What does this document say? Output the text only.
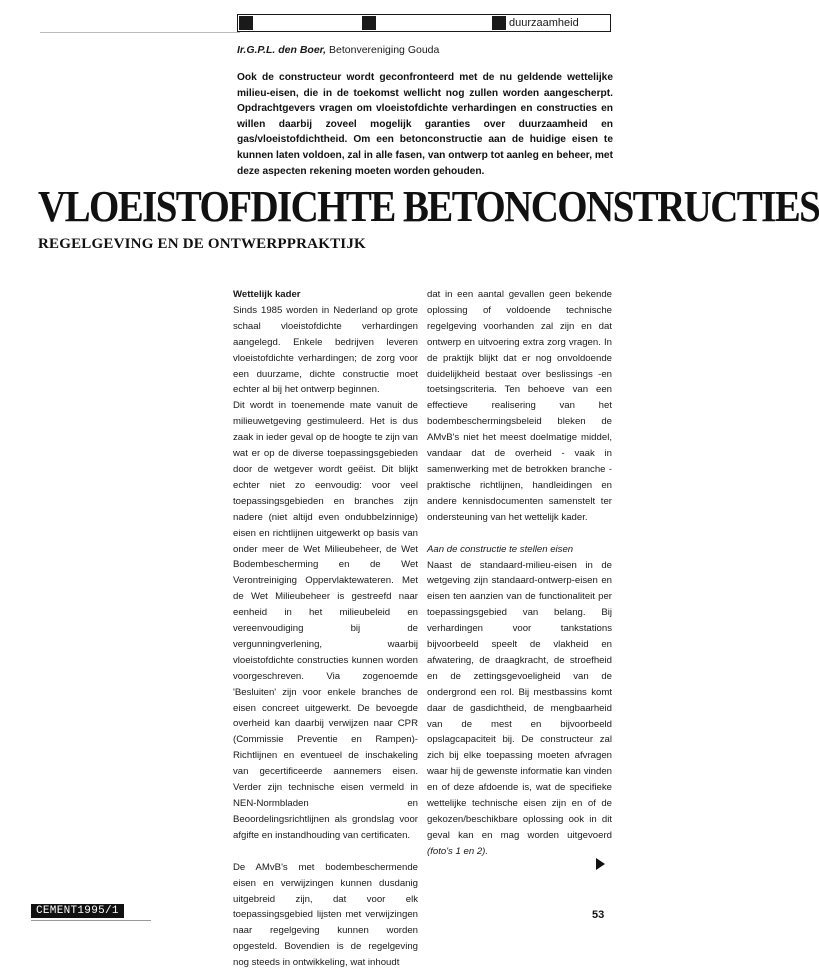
duurzaamheid
Ir.G.P.L. den Boer, Betonvereniging Gouda
Ook de constructeur wordt geconfronteerd met de nu geldende wettelijke milieu-eisen, die in de toekomst wellicht nog zullen worden aangescherpt. Opdrachtgevers vragen om vloeistofdichte verhardingen en constructies en willen daarbij zoveel mogelijk garanties over duurzaamheid en gas/vloeistofdichtheid. Om een betonconstructie aan de huidige eisen te kunnen laten voldoen, zal in alle fasen, van ontwerp tot aanleg en beheer, met deze aspecten rekening moeten worden gehouden.
VLOEISTOFDICHTE BETONCONSTRUCTIES
REGELGEVING EN DE ONTWERPPRAKTIJK
Wettelijk kader

Sinds 1985 worden in Nederland op grote schaal vloeistofdichte verhardingen aangelegd. Enkele bedrijven leveren vloeistofdichte verhardingen; de zorg voor een duurzame, dichte constructie moet echter al bij het ontwerp beginnen.

Dit wordt in toenemende mate vanuit de milieuwetgeving gestimuleerd. Het is dus zaak in ieder geval op de hoogte te zijn van wat er op de diverse toepassingsgebieden door de wetgever wordt geëist. Dit blijkt echter niet zo eenvoudig: voor veel toepassingsgebieden en branches zijn nadere (niet altijd even ondubbelzinnige) eisen en richtlijnen uitgewerkt op basis van onder meer de Wet Milieubeheer, de Wet Bodembescherming en de Wet Verontreiniging Oppervlaktewateren. Met de Wet Milieubeheer is gestreefd naar eenheid in het milieubeleid en vereenvoudiging bij de vergunningverlening, waarbij vloeistofdichte constructies kunnen worden voorgeschreven. Via zogenoemde 'Besluiten' zijn voor enkele branches de eisen concreet uitgewerkt. De bevoegde overheid kan daarbij verwijzen naar CPR (Commissie Preventie en Rampen)-Richtlijnen en eventueel de inschakeling van gecertificeerde aannemers eisen. Verder zijn technische eisen vermeld in NEN-Normbladen en Beoordelingsrichtlijnen als grondslag voor afgifte en instandhouding van certificaten.

De AMvB's met bodembeschermende eisen en verwijzingen kunnen dusdanig uitgebreid zijn, dat voor elk toepassingsgebied lijsten met verwijzingen naar regelgeving kunnen worden opgesteld. Bovendien is de regelgeving nog steeds in ontwikkeling, wat inhoudt

dat in een aantal gevallen geen bekende oplossing of voldoende technische regelgeving voorhanden zal zijn en dat ontwerp en uitvoering extra zorg vragen. In de praktijk blijkt dat er nog onvoldoende duidelijkheid bestaat over beslissings -en toetsingscriteria. Ten behoeve van een effectieve realisering van het bodembeschermingsbeleid bleken de AMvB's niet het meest doelmatige middel, vandaar dat de overheid - vaak in samenwerking met de betrokken branche - praktische richtlijnen, handleidingen en andere kennisdocumenten samenstelt ter ondersteuning van het wettelijk kader.

Aan de constructie te stellen eisen

Naast de standaard-milieu-eisen in de wetgeving zijn standaard-ontwerp-eisen en eisen ten aanzien van de functionaliteit per toepassingsgebied van belang. Bij verhardingen voor tankstations bijvoorbeeld speelt de vlakheid en afwatering, de draagkracht, de stroefheid en de zettingsgevoeligheid van de ondergrond een rol. Bij mestbassins komt daar de gasdichtheid, de mengbaarheid van de mest en bijvoorbeeld opslagcapaciteit bij. De constructeur zal zich bij elke toepassing moeten afvragen waar hij de gewenste informatie kan vinden en of deze afdoende is, wat de specifieke wettelijke technische eisen zijn en of de gekozen/beschikbare oplossing ook in dit geval kan en mag worden uitgevoerd (foto's 1 en 2).

CEMENT1995/1	53
